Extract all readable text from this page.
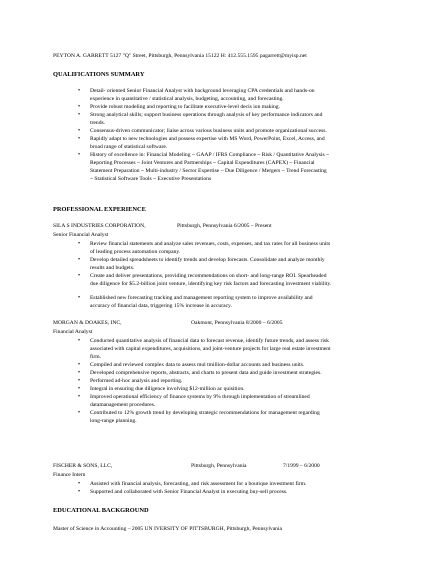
PEYTON A. GARRETT 5127 "Q" Street, Pittsburgh, Pennsylvania 15122 H: 412.555.1595 pagarrett@myisp.net
QUALIFICATIONS SUMMARY
• Detail- oriented Senior Financial Analyst with background leveraging CPA credentials and hands-on
experience in quantitative / statistical analysis, budgeting, accounting, and forecasting.
• Provide robust modeling and reporting to facilitate executive-level decis ion making.
• Strong analytical skills; support business operations through analysis of key performance indicators and
trends.
• Consensus-driven communicator; liaise across various business units and promote organizational success.
• Rapidly adapt to new technologies and possess expertise with MS Word, PowerPoint, Excel, Access, and
broad range of statistical software.
• History of excellence in: Financial Modeling ~ GAAP / IFRS Compliance ~ Risk / Quantitative Analysis ~
Reporting Processes ~ Joint Ventures and Partnerships ~ Capital Expenditures (CAPEX) ~ Financial
Statement Preparation ~ Multi-industry / Sector Expertise ~ Due Diligence / Mergers ~ Trend Forecasting
~ Statistical Software Tools ~ Executive Presentations
PROFESSIONAL EXPERIENCE
SILA S INDUSTRIES CORPORATION,	Pittsburgh, Pennsylvania 6/2005 – Present
Senior Financial Analyst
• Review financial statements and analyze sales revenues, costs, expenses, and tax rates for all business units
of leading process automation company.
• Develop detailed spreadsheets to identify trends and develop forecasts. Consolidate and analyze monthly
results and budgets.
• Create and deliver presentations, providing recommendations on short- and long-range ROI. Spearheaded
due diligence for $5.2-billion joint venture, identifying key risk factors and forecasting investment viability.
• Established new forecasting tracking and management reporting system to improve availability and
accuracy of financial data, triggering 15% increase in accuracy.
MORGAN & DOAKES, INC,	Oakmont, Pennsylvania 8/2000 – 6/2005
Financial Analyst
• Conducted quantitative analysis of financial data to forecast revenue, identify future trends, and assess risk
associated with capital expenditures, acquisitions, and joint-venture projects for large real estate investment
firm.
• Compiled and reviewed complex data to assess mul tmillion-dollar accounts and business units.
• Developed comprehensive reports, abstracts, and charts to present data and guide investment strategies.
• Performed ad-hoc analysis and reporting.
• Integral in ensuring due diligence involving $12-million ac quisition.
• Improved operational efficiency of finance systems by 9% through implementation of streamlined
datamanagement procedures.
• Contributed to 12% growth trend by developing strategic recommendations for management regarding
long-range planning.
FISCHER & SONS, LLC,	Pittsburgh, Pennsylvania	7/1999 – 6/2000
Finance Intern
• Assisted with financial analysis, forecasting, and risk assessment for a boutique investment firm.
• Supported and collaborated with Senior Financial Analyst in executing buy-sell process.
EDUCATIONAL BACKGROUND
Master of Science in Accounting – 2005 UN IVERSITY OF PITTSBURGH, Pittsburgh, Pennsylvania
